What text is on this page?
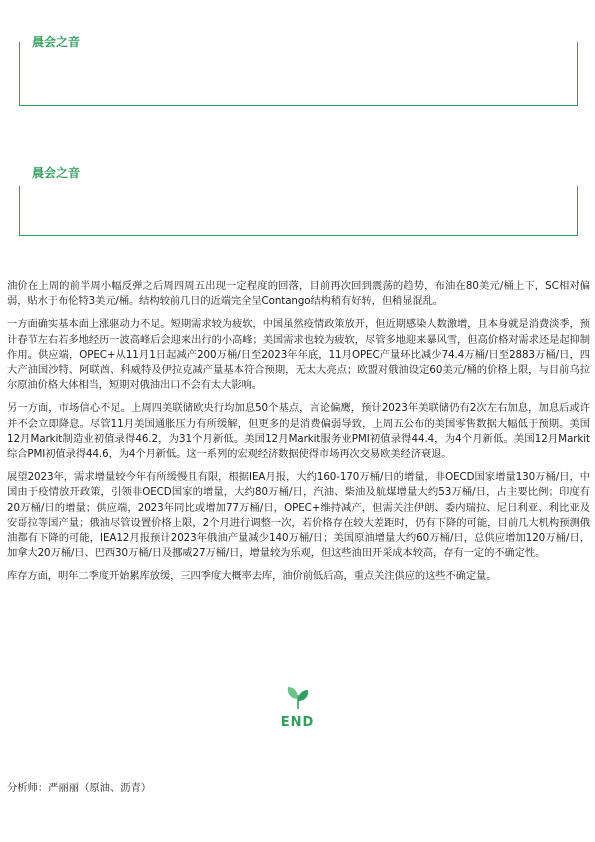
晨会之音
晨会之音

油价在上周的前半周小幅反弹之后周四周五出现一定程度的回落，目前再次回到震荡的趋势，布油在80美元/桶上下，SC相对偏弱，贴水于布伦特3美元/桶。结构较前几日的近端完全呈Contango结构稍有好转，但稍显混乱。

一方面确实基本面上涨驱动力不足。短期需求较为疲软，中国虽然疫情政策放开，但近期感染人数激增，且本身就是消费淡季，预计春节左右若多地经历一波高峰后会迎来出行的小高峰；美国需求也较为疲软，尽管多地迎来暴风雪，但高价格对需求还是起抑制作用。供应端，OPEC+从11月1日起减产200万桶/日至2023年年底，11月OPEC产量环比减少74.4万桶/日至2883万桶/日，四大产油国沙特、阿联酋、科威特及伊拉克减产量基本符合预期，无太大亮点；欧盟对俄油设定60美元/桶的价格上限，与目前乌拉尔原油价格大体相当，短期对俄油出口不会有太大影响。

另一方面，市场信心不足。上周四美联储欧央行均加息50个基点，言论偏鹰，预计2023年美联储仍有2次左右加息，加息后或许并不会立即降息。尽管11月美国通胀压力有所缓解，但更多的是消费偏弱导致，上周五公布的美国零售数据大幅低于预期。美国12月Markit制造业初值录得46.2，为31个月新低。美国12月Markit服务业PMI初值录得44.4，为4个月新低。美国12月Markit综合PMI初值录得44.6，为4个月新低。这一系列的宏观经济数据使得市场再次交易欧美经济衰退。

展望2023年，需求增量较今年有所缓慢且有限，根据IEA月报，大约160-170万桶/日的增量，非OECD国家增量130万桶/日，中国由于疫情放开政策，引领非OECD国家的增量，大约80万桶/日，汽油、柴油及航煤增量大约53万桶/日，占主要比例；印度有20万桶/日的增量；供应端，2023年同比或增加77万桶/日，OPEC+维持减产，但需关注伊朗、委内瑞拉、尼日利亚、利比亚及安哥拉等国产量；俄油尽管设置价格上限，2个月进行调整一次，若价格存在较大差距时，仍有下降的可能，目前几大机构预测俄油都有下降的可能，IEA12月报预计2023年俄油产量减少140万桶/日；美国原油增量大约60万桶/日，总供应增加120万桶/日，加拿大20万桶/日、巴西30万桶/日及挪威27万桶/日，增量较为乐观，但这些油田开采成本较高，存有一定的不确定性。

库存方面，明年二季度开始累库放缓，三四季度大概率去库，油价前低后高，重点关注供应的这些不确定量。

END
分析师：严丽丽（原油、沥青）
